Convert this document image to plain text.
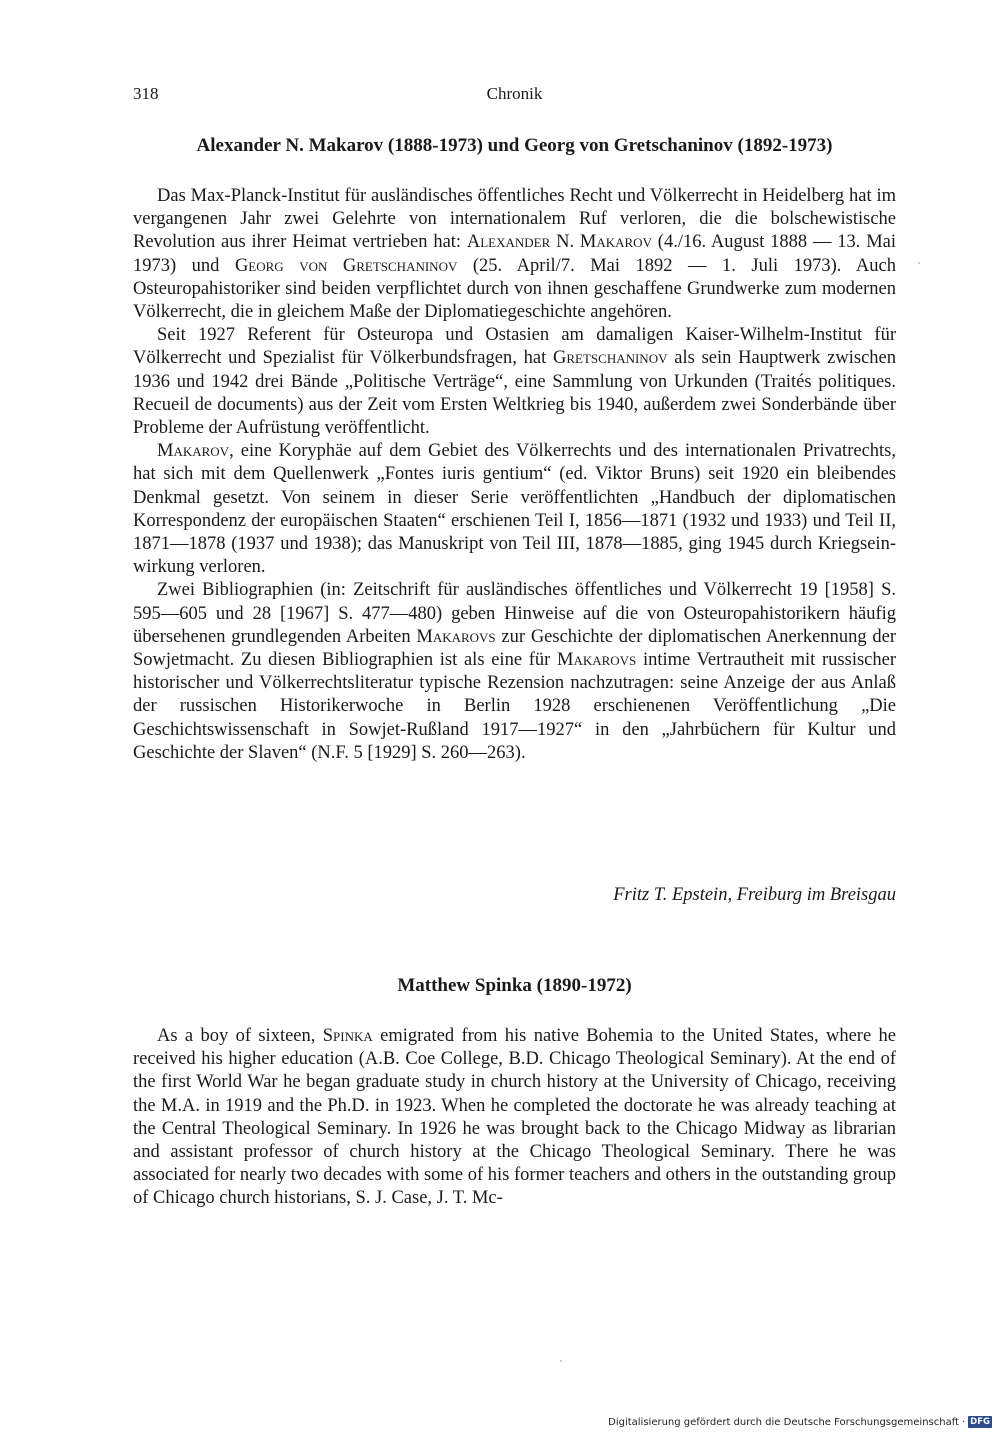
318	Chronik
Alexander N. Makarov (1888-1973) und Georg von Gretschaninov (1892-1973)

Das Max-Planck-Institut für ausländisches öffentliches Recht und Völkerrecht in Heidelberg hat im vergangenen Jahr zwei Gelehrte von internationalem Ruf verloren, die die bolschewistische Revolution aus ihrer Heimat vertrieben hat: Alexander N. Makarov (4./16. August 1888 — 13. Mai 1973) und Georg von Gretschaninov (25. April/7. Mai 1892 — 1. Juli 1973). Auch Osteuropahistoriker sind beiden verpflichtet durch von ihnen geschaffene Grundwerke zum modernen Völkerrecht, die in gleichem Maße der Diplomatiegeschichte angehören.

Seit 1927 Referent für Osteuropa und Ostasien am damaligen Kaiser-Wilhelm-Institut für Völkerrecht und Spezialist für Völkerbundsfragen, hat Gretschaninov als sein Hauptwerk zwischen 1936 und 1942 drei Bände „Politische Verträge“, eine Sammlung von Urkunden (Traités politiques. Recueil de documents) aus der Zeit vom Ersten Weltkrieg bis 1940, außerdem zwei Sonderbände über Probleme der Aufrüstung veröffentlicht.

Makarov, eine Koryphäe auf dem Gebiet des Völkerrechts und des internationalen Privatrechts, hat sich mit dem Quellenwerk „Fontes iuris gentium“ (ed. Viktor Bruns) seit 1920 ein bleibendes Denkmal gesetzt. Von seinem in dieser Serie veröffentlichten „Handbuch der diplomatischen Korrespondenz der europäischen Staaten“ erschienen Teil I, 1856—1871 (1932 und 1933) und Teil II, 1871—1878 (1937 und 1938); das Manuskript von Teil III, 1878—1885, ging 1945 durch Kriegseinwirkung verloren.

Zwei Bibliographien (in: Zeitschrift für ausländisches öffentliches und Völkerrecht 19 [1958] S. 595—605 und 28 [1967] S. 477—480) geben Hinweise auf die von Osteuropahistorikern häufig übersehenen grundlegenden Arbeiten Makarovs zur Geschichte der diplomatischen Anerkennung der Sowjetmacht. Zu diesen Bibliographien ist als eine für Makarovs intime Vertrautheit mit russischer historischer und Völkerrechtsliteratur typische Rezension nachzutragen: seine Anzeige der aus Anlaß der russischen Historikerwoche in Berlin 1928 erschienenen Veröffentlichung „Die Geschichtswissenschaft in Sowjet-Rußland 1917—1927“ in den „Jahrbüchern für Kultur und Geschichte der Slaven“ (N.F. 5 [1929] S. 260—263).

Fritz T. Epstein, Freiburg im Breisgau
Matthew Spinka (1890-1972)

As a boy of sixteen, Spinka emigrated from his native Bohemia to the United States, where he received his higher education (A.B. Coe College, B.D. Chicago Theological Seminary). At the end of the first World War he began graduate study in church history at the University of Chicago, receiving the M.A. in 1919 and the Ph.D. in 1923. When he completed the doctorate he was already teaching at the Central Theological Seminary. In 1926 he was brought back to the Chicago Midway as librarian and assistant professor of church history at the Chicago Theological Seminary. There he was associated for nearly two decades with some of his former teachers and others in the outstanding group of Chicago church historians, S. J. Case, J. T. Mc-

Digitalisierung gefördert durch die Deutsche Forschungsgemeinschaft · DFG
